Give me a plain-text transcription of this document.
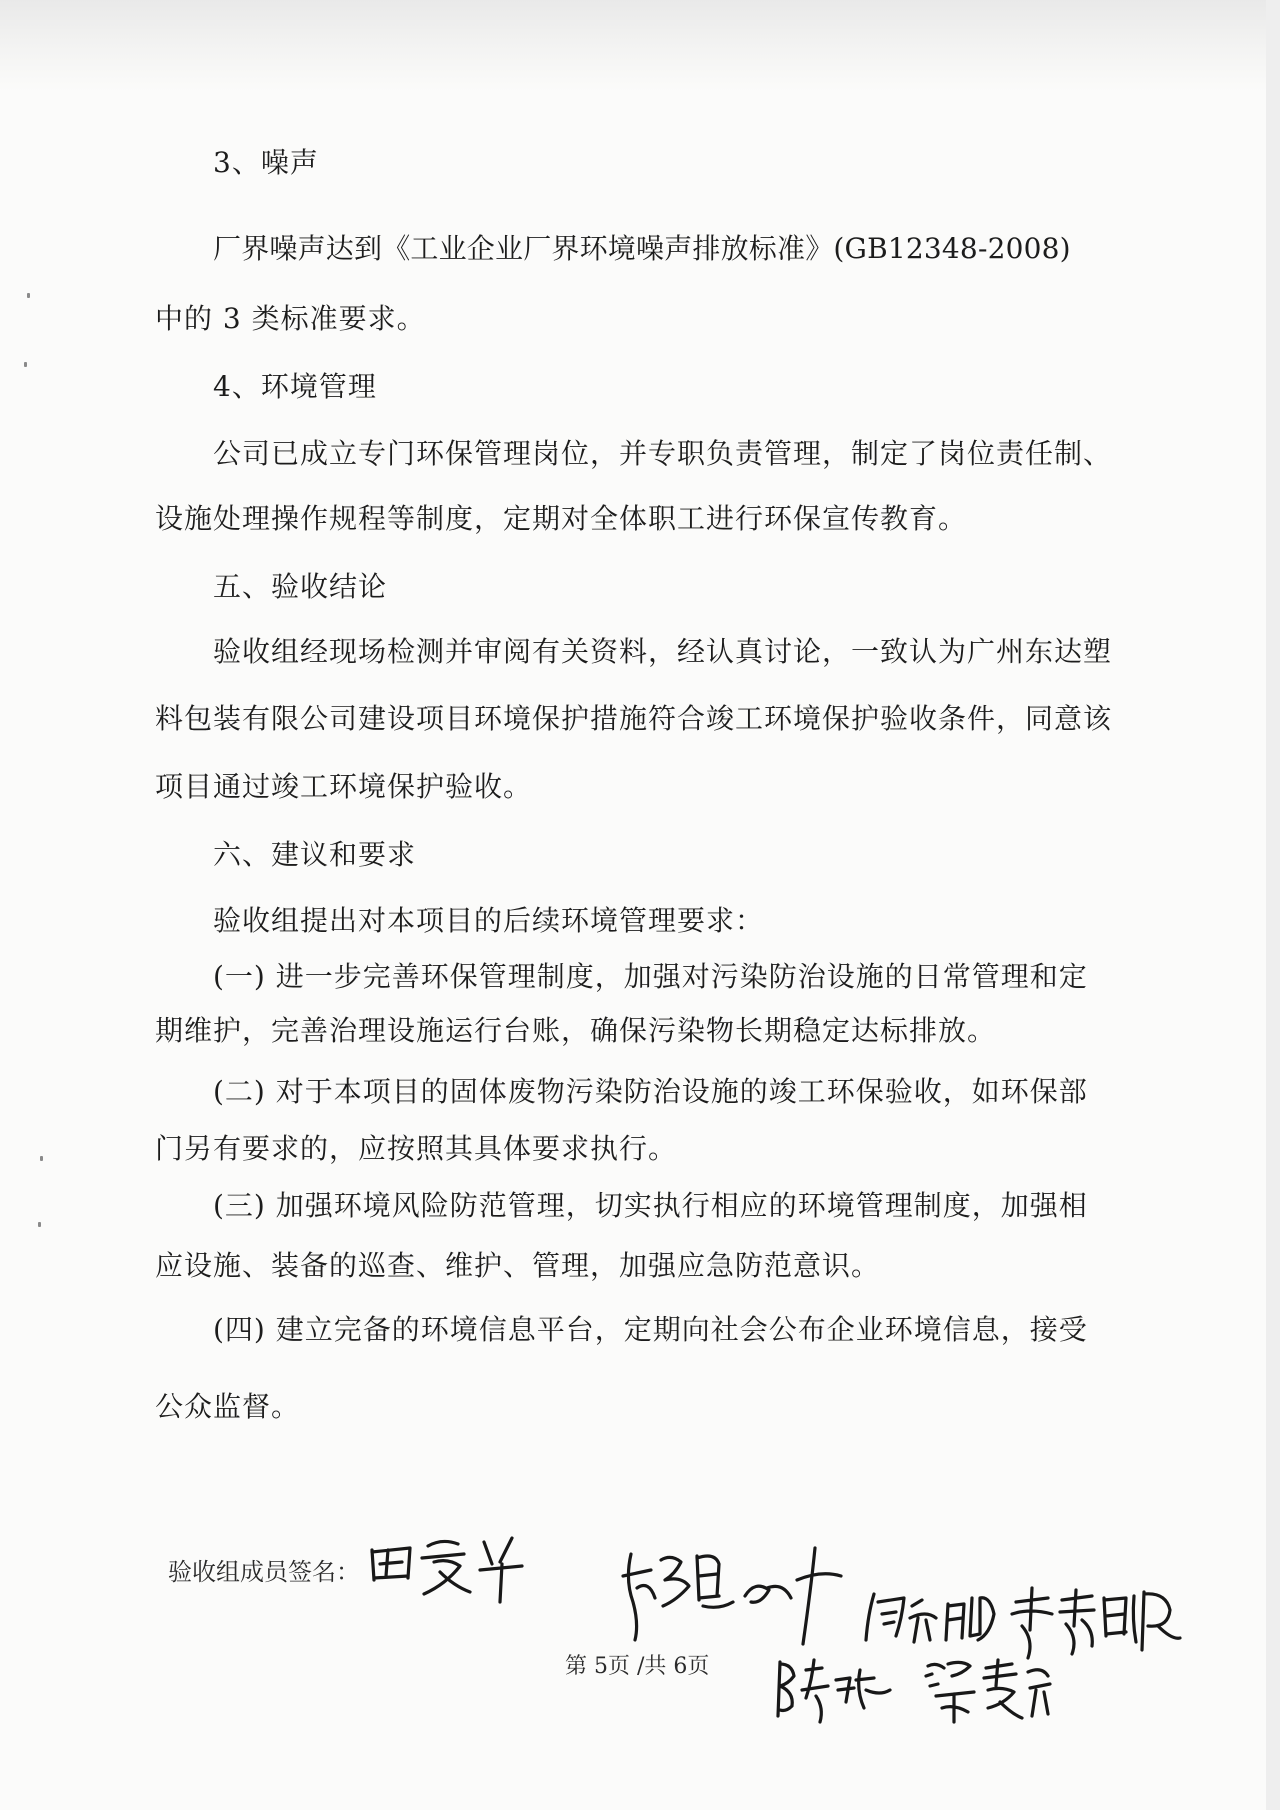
3、噪声
厂界噪声达到《工业企业厂界环境噪声排放标准》(GB12348-2008)
中的 3 类标准要求。
4、环境管理
公司已成立专门环保管理岗位，并专职负责管理，制定了岗位责任制、
设施处理操作规程等制度，定期对全体职工进行环保宣传教育。
五、验收结论
验收组经现场检测并审阅有关资料，经认真讨论，一致认为广州东达塑
料包装有限公司建设项目环境保护措施符合竣工环境保护验收条件，同意该
项目通过竣工环境保护验收。
六、建议和要求
验收组提出对本项目的后续环境管理要求：
(一) 进一步完善环保管理制度，加强对污染防治设施的日常管理和定
期维护，完善治理设施运行台账，确保污染物长期稳定达标排放。
(二) 对于本项目的固体废物污染防治设施的竣工环保验收，如环保部
门另有要求的，应按照其具体要求执行。
(三) 加强环境风险防范管理，切实执行相应的环境管理制度，加强相
应设施、装备的巡查、维护、管理，加强应急防范意识。
(四) 建立完备的环境信息平台，定期向社会公布企业环境信息，接受
公众监督。
验收组成员签名：
第 5页 /共 6页
